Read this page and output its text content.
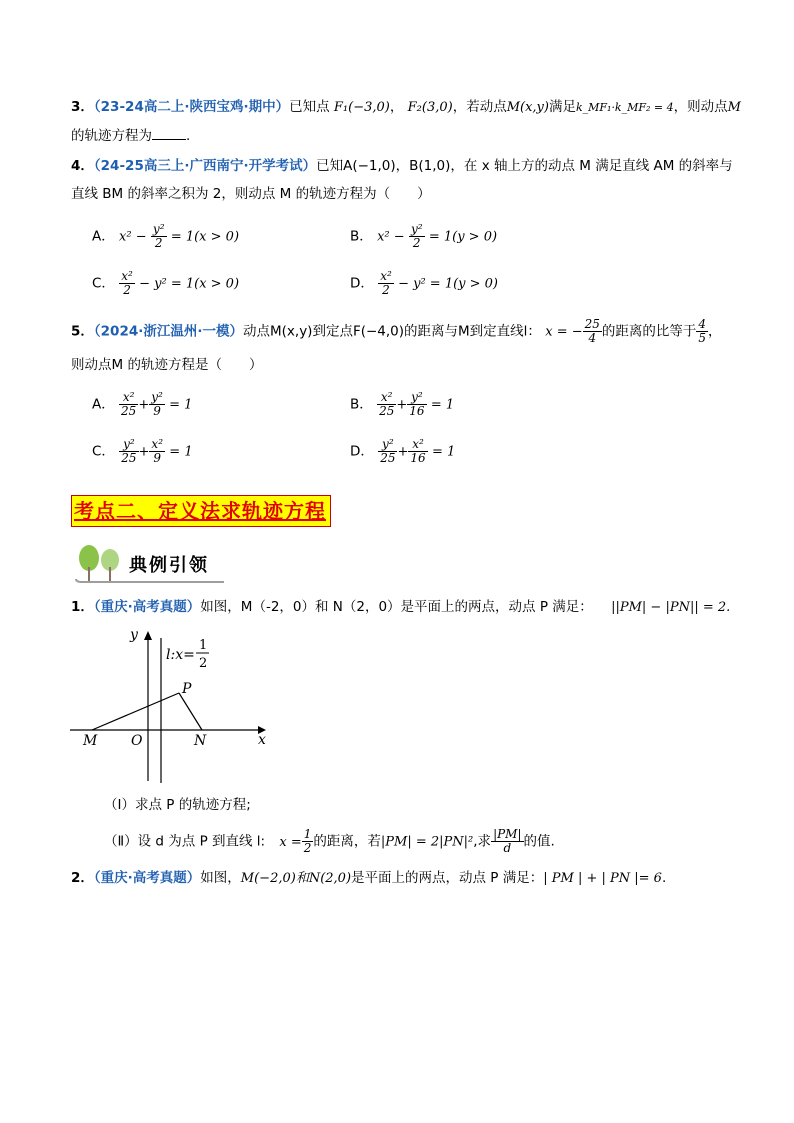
3．（23-24高二上·陕西宝鸡·期中）已知点 F₁(−3,0)， F₂(3,0)，若动点M(x,y)满足k_MF₁·k_MF₂ = 4，则动点M
的轨迹方程为	.
4．（24-25高三上·广西南宁·开学考试）已知A(−1,0)，B(1,0)，在 x 轴上方的动点 M 满足直线 AM 的斜率与
直线 BM 的斜率之积为 2，则动点 M 的轨迹方程为（　　）
A． $x^2 - \frac{\text{y²}}{2} = 1(x > 0)$	B． $x^2 - \frac{\text{y²}}{2} = 1(y > 0)$
C． $\frac{\text{x²}}{2} - y^2 = 1(x > 0)$	D． $\frac{\text{x²}}{2} - y^2 = 1(y > 0)$
5．（2024·浙江温州·一模）动点M(x,y)到定点F(−4,0)的距离与M到定直线l： x = − $\frac{25}{4}$ 的距离的比等于 $\frac{4}{5}$ ，
则动点M 的轨迹方程是（　　）
A． $\frac{\text{x²}}{25} + \frac{\text{y²}}{9} = 1$	B． $\frac{\text{x²}}{25} + \frac{\text{y²}}{16} = 1$
C． $\frac{\text{y²}}{25} + \frac{\text{x²}}{9} = 1$	D． $\frac{\text{y²}}{25} + \frac{\text{x²}}{16} = 1$
考点二、定义法求轨迹方程
典例引领
1．（重庆·高考真题）如图，M（-2，0）和 N（2，0）是平面上的两点，动点 P 满足： ||PM| − |PN|| = 2.
y
x
M O	N
P
l:x=
1
2
（Ⅰ）求点 P 的轨迹方程;
（Ⅱ）设 d 为点 P 到直线 l: $x = \frac{1}{2}$ 的距离，若|PM| = 2|PN|²,求 $\frac{|PM|}{d}$ 的值.
2．（重庆·高考真题）如图，M(−2,0)和N(2,0)是平面上的两点，动点 P 满足：| PM | + | PN |= 6.
